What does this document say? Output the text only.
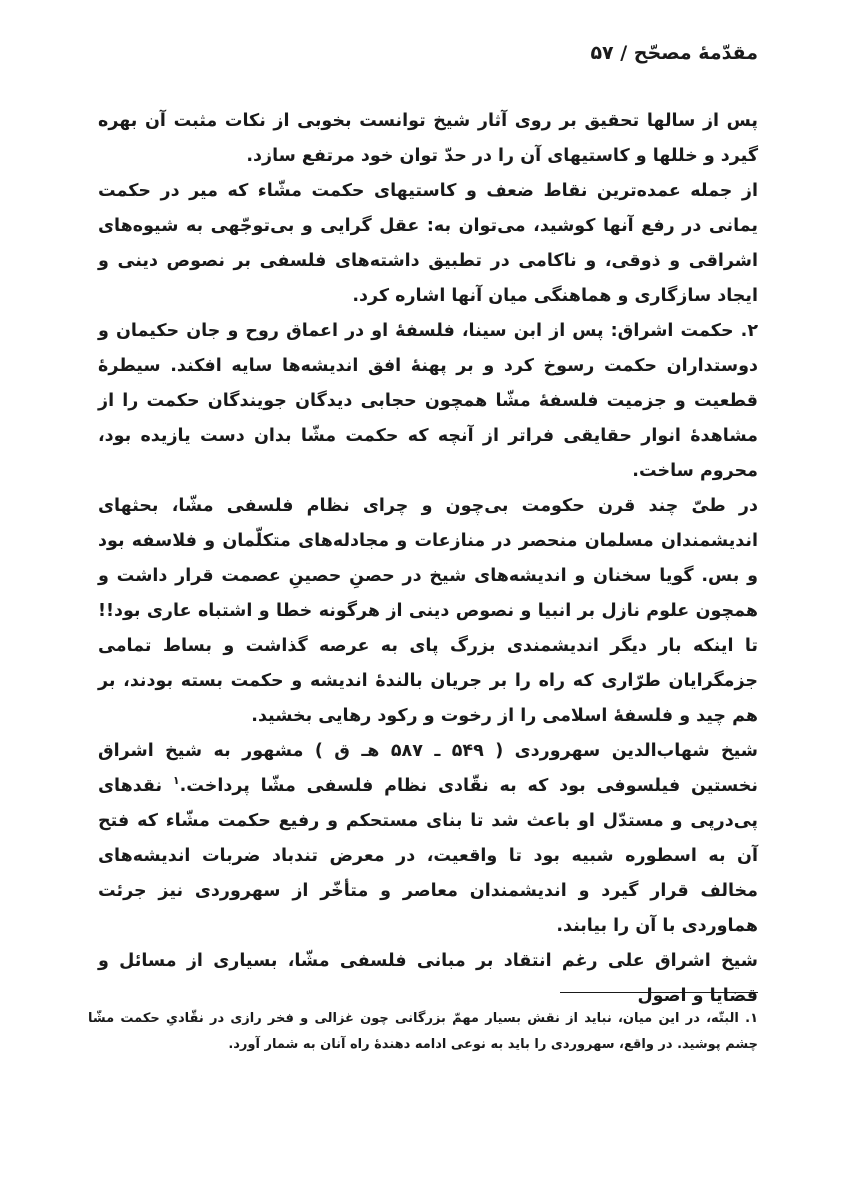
مقدّمهٔ مصحّح / ۵۷

پس از سالها تحقیق بر روی آثار شیخ توانست بخوبی از نکات مثبت آن بهره گیرد و خللها و کاستیهای آن را در حدّ توان خود مرتفع سازد.

از جمله عمده‌ترین نقاط ضعف و کاستیهای حکمت مشّاء که میر در حکمت یمانی در رفع آنها کوشید، می‌توان به: عقل گرایی و بی‌توجّهی به شیوه‌های اشراقی و ذوقی، و ناکامی در تطبیق داشته‌های فلسفی بر نصوص دینی و ایجاد سازگاری و هماهنگی میان آنها اشاره کرد.

۲. حکمت اشراق: پس از ابن سینا، فلسفهٔ او در اعماق روح و جان حکیمان و دوستداران حکمت رسوخ کرد و بر پهنهٔ افق اندیشه‌ها سایه افکند. سیطرهٔ قطعیت و جزمیت فلسفهٔ مشّا همچون حجابی دیدگان جویندگان حکمت را از مشاهدهٔ انوار حقایقی فراتر از آنچه که حکمت مشّا بدان دست یازیده بود، محروم ساخت.

در طیّ چند قرن حکومت بی‌چون و چرای نظام فلسفی مشّا، بحثهای اندیشمندان مسلمان منحصر در منازعات و مجادله‌های متکلّمان و فلاسفه بود و بس. گویا سخنان و اندیشه‌های شیخ در حصنِ حصینِ عصمت قرار داشت و همچون علوم نازل بر انبیا و نصوص دینی از هرگونه خطا و اشتباه عاری بود!! تا اینکه بار دیگر اندیشمندی بزرگ پای به عرصه گذاشت و بساط تمامی جزمگرایان طرّاری که راه را بر جریان بالندهٔ اندیشه و حکمت بسته بودند، بر هم چید و فلسفهٔ اسلامی را از رخوت و رکود رهایی بخشید.

شیخ شهاب‌الدین سهروردی ( ۵۴۹ ـ ۵۸۷ هـ ق ) مشهور به شیخ اشراق نخستین فیلسوفی بود که به نقّادی نظام فلسفی مشّا پرداخت.$^۱$ نقدهای پی‌درپی و مستدّل او باعث شد تا بنای مستحکم و رفیع حکمت مشّاء که فتح آن به اسطوره شبیه بود تا واقعیت، در معرض تندباد ضربات اندیشه‌های مخالف قرار گیرد و اندیشمندان معاصر و متأخّر از سهروردی نیز جرئت هماوردی با آن را بیابند.

شیخ اشراق علی رغم انتقاد بر مبانی فلسفی مشّا، بسیاری از مسائل و قضایا و اصول

۱. البتّه، در این میان، نباید از نقش بسیار مهمّ بزرگانی چون غزالی و فخر رازی در نقّادیِ حکمت مشّا چشم پوشید. در واقع، سهروردی را باید به نوعی ادامه دهندهٔ راه آنان به شمار آورد.
